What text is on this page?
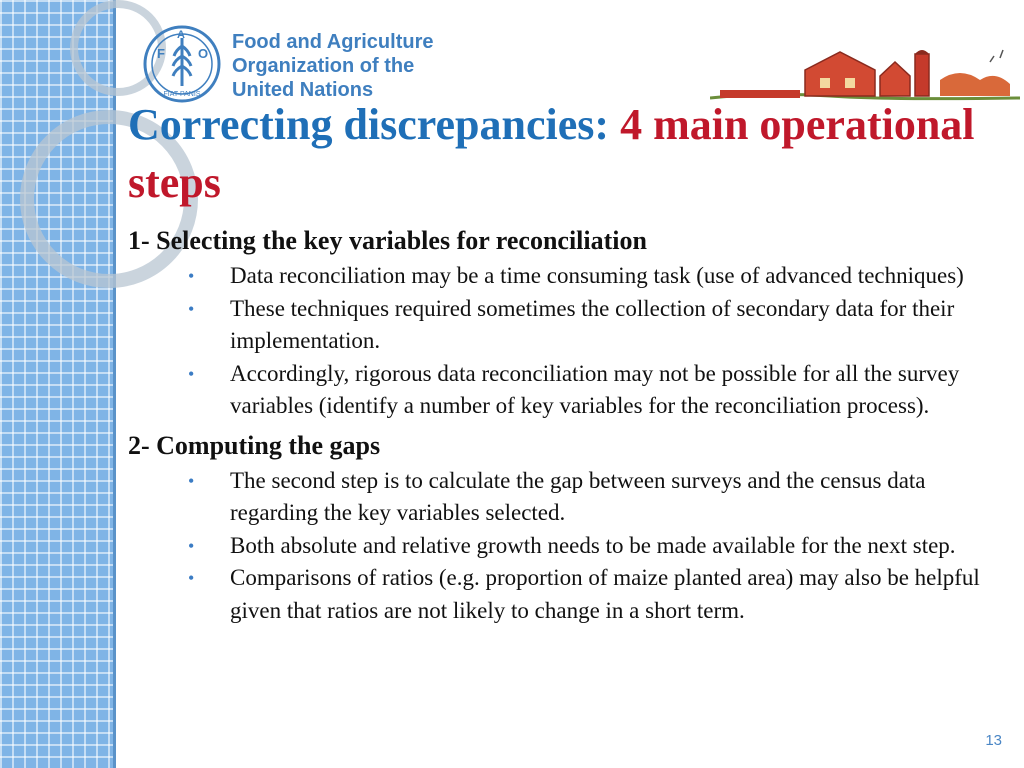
F
A
O
FIAT PANIS
Food and Agriculture
Organization of the
United Nations
Correcting discrepancies: 4 main operational steps

1- Selecting the key variables for reconciliation

• Data reconciliation may be a time consuming task (use of advanced techniques)
• These techniques required sometimes the collection of secondary data for their implementation.
• Accordingly, rigorous data reconciliation may not be possible for all the survey variables (identify a number of key variables for the reconciliation process).

2- Computing the gaps

• The second step is to calculate the gap between surveys and the census data regarding the key variables selected.
• Both absolute and relative growth needs to be made available for the next step.
• Comparisons of ratios (e.g. proportion of maize planted area) may also be helpful given that ratios are not likely to change in a short term.
13
